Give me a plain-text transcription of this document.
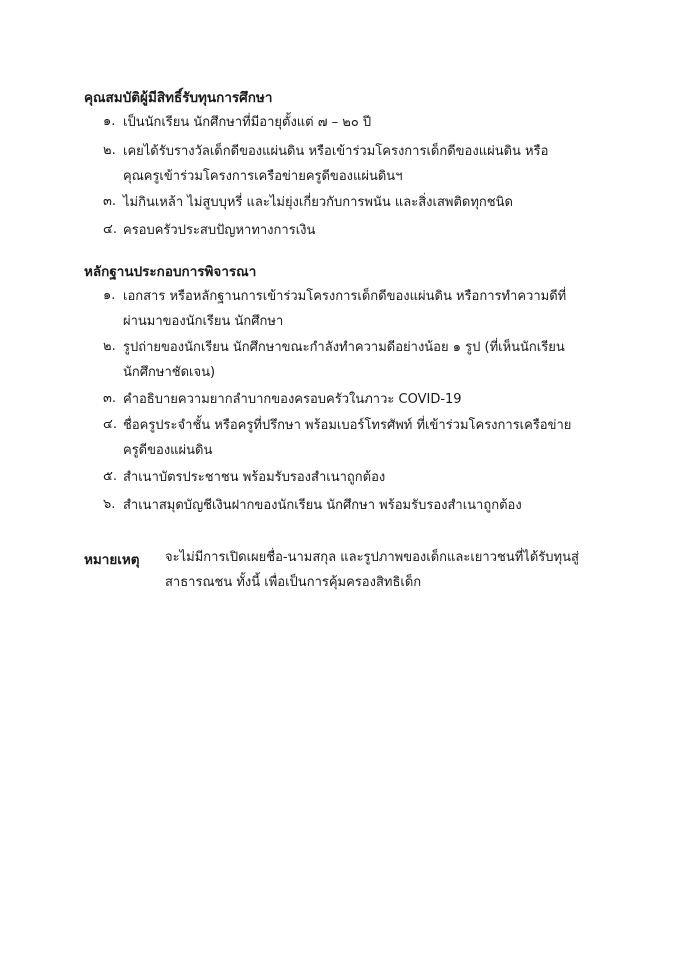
คุณสมบัติผู้มีสิทธิ์รับทุนการศึกษา
๑. เป็นนักเรียน นักศึกษาที่มีอายุตั้งแต่ ๗ – ๒๐ ปี
๒. เคยได้รับรางวัลเด็กดีของแผ่นดิน หรือเข้าร่วมโครงการเด็กดีของแผ่นดิน หรือคุณครูเข้าร่วมโครงการเครือข่ายครูดีของแผ่นดินฯ
๓. ไม่กินเหล้า ไม่สูบบุหรี่ และไม่ยุ่งเกี่ยวกับการพนัน และสิ่งเสพติดทุกชนิด
๔. ครอบครัวประสบปัญหาทางการเงิน
หลักฐานประกอบการพิจารณา
๑. เอกสาร หรือหลักฐานการเข้าร่วมโครงการเด็กดีของแผ่นดิน หรือการทำความดีที่ผ่านมาของนักเรียน นักศึกษา
๒. รูปถ่ายของนักเรียน นักศึกษาขณะกำลังทำความดีอย่างน้อย ๑ รูป (ที่เห็นนักเรียนนักศึกษาชัดเจน)
๓. คำอธิบายความยากลำบากของครอบครัวในภาวะ COVID-19
๔. ชื่อครูประจำชั้น หรือครูที่ปรึกษา พร้อมเบอร์โทรศัพท์ ที่เข้าร่วมโครงการเครือข่ายครูดีของแผ่นดิน
๕. สำเนาบัตรประชาชน พร้อมรับรองสำเนาถูกต้อง
๖. สำเนาสมุดบัญชีเงินฝากของนักเรียน นักศึกษา พร้อมรับรองสำเนาถูกต้อง
หมายเหตุ จะไม่มีการเปิดเผยชื่อ-นามสกุล และรูปภาพของเด็กและเยาวชนที่ได้รับทุนสู่สาธารณชน ทั้งนี้ เพื่อเป็นการคุ้มครองสิทธิเด็ก
